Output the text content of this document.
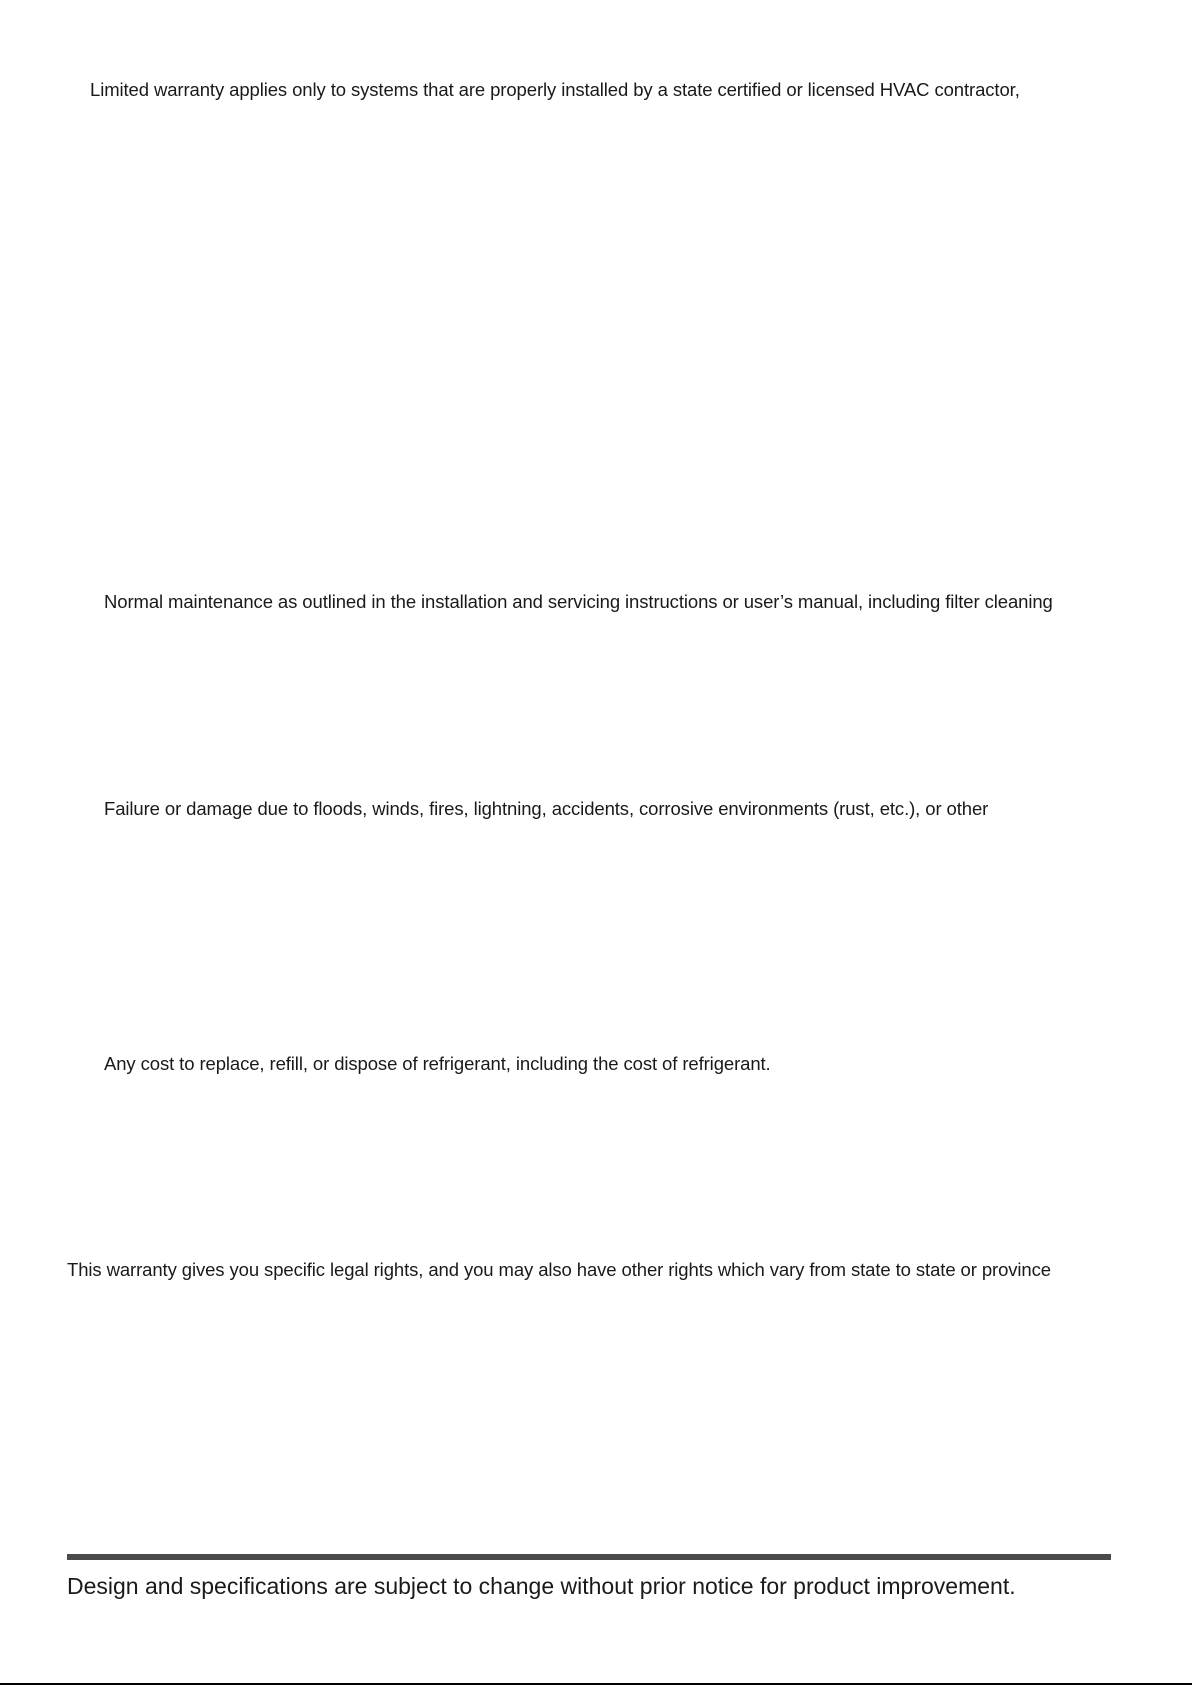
Limited warranty applies only to systems that are properly installed by a state certified or licensed HVAC contractor,
Normal maintenance as outlined in the installation and servicing instructions or user’s manual, including filter cleaning
Failure or damage due to floods, winds, fires, lightning, accidents, corrosive environments (rust, etc.), or other
Any cost to replace, refill, or dispose of refrigerant, including the cost of refrigerant.
This warranty gives you specific legal rights, and you may also have other rights which vary from state to state or province
Design and specifications are subject to change without prior notice for product improvement.
